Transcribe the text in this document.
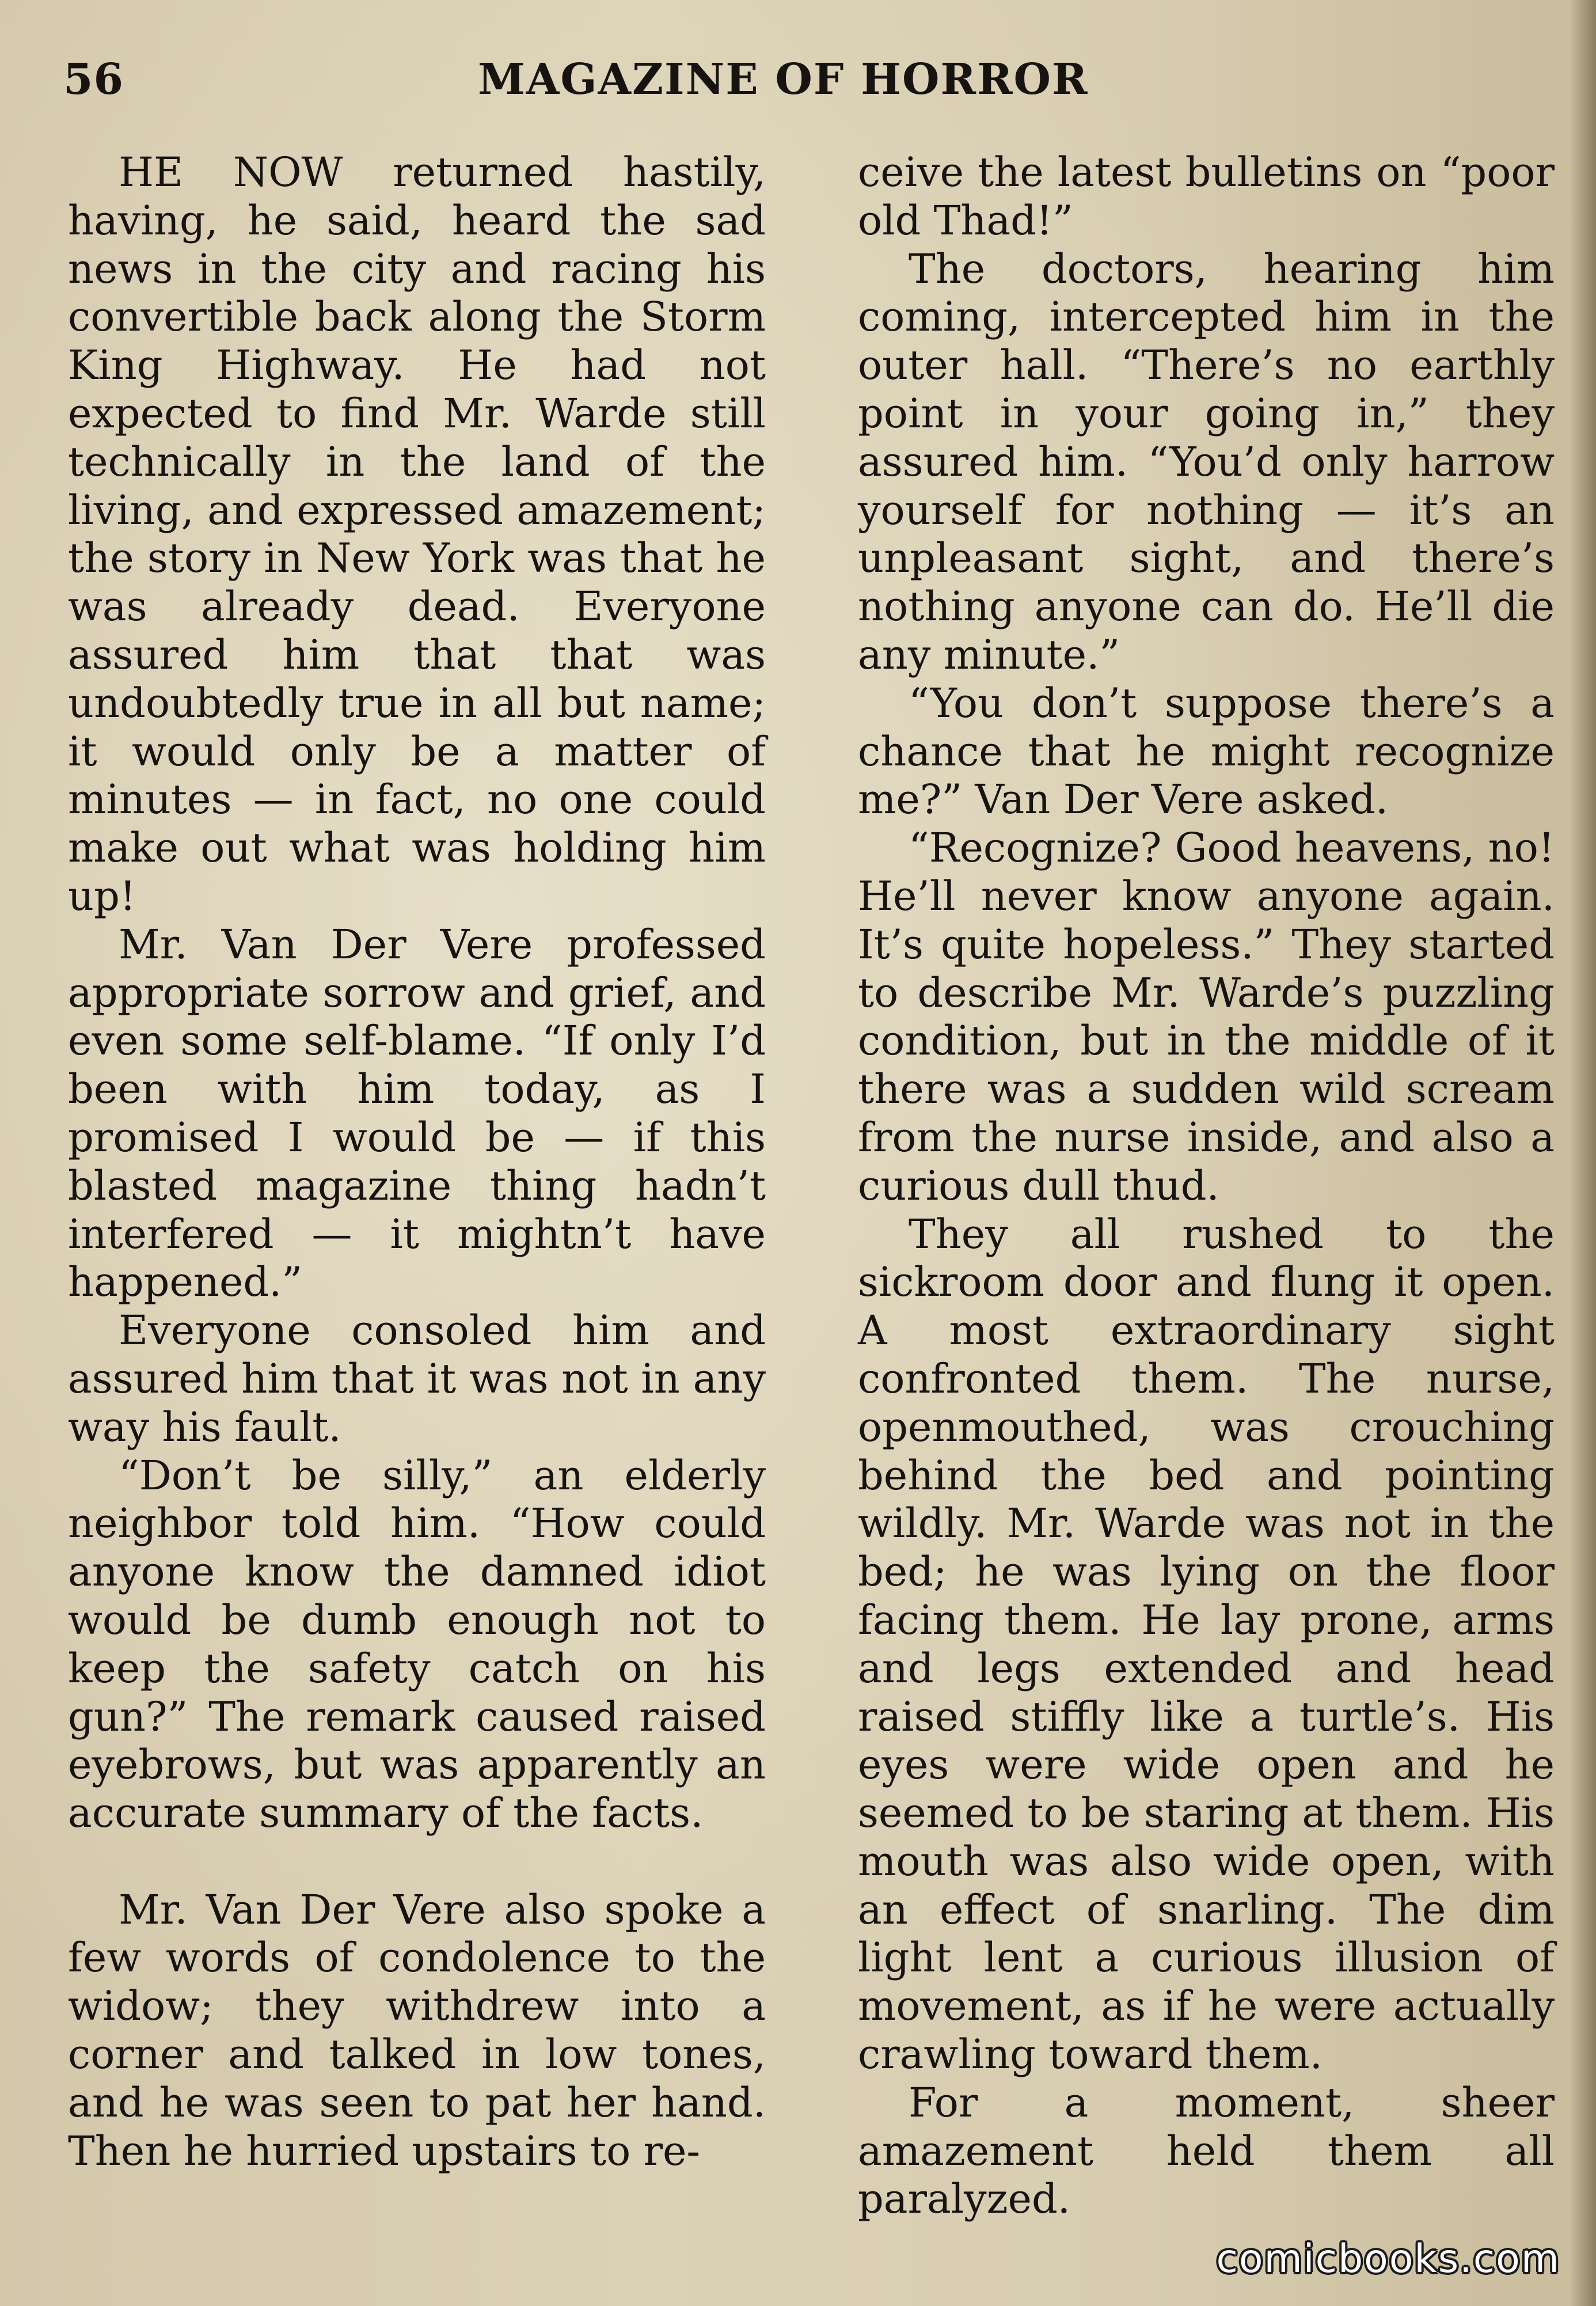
56	MAGAZINE OF HORROR

HE NOW returned hastily, having, he said, heard the sad news in the city and racing his convertible back along the Storm King Highway. He had not expected to find Mr. Warde still technically in the land of the living, and expressed amazement; the story in New York was that he was already dead. Everyone assured him that that was undoubtedly true in all but name; it would only be a matter of minutes — in fact, no one could make out what was holding him up!

Mr. Van Der Vere professed appropriate sorrow and grief, and even some self-blame. “If only I’d been with him today, as I promised I would be — if this blasted magazine thing hadn’t interfered — it mightn’t have happened.”

Everyone consoled him and assured him that it was not in any way his fault.

“Don’t be silly,” an elderly neighbor told him. “How could anyone know the damned idiot would be dumb enough not to keep the safety catch on his gun?” The remark caused raised eyebrows, but was apparently an accurate summary of the facts.

Mr. Van Der Vere also spoke a few words of condolence to the widow; they withdrew into a corner and talked in low tones, and he was seen to pat her hand. Then he hurried upstairs to re-

ceive the latest bulletins on “poor old Thad!”

The doctors, hearing him coming, intercepted him in the outer hall. “There’s no earthly point in your going in,” they assured him. “You’d only harrow yourself for nothing — it’s an unpleasant sight, and there’s nothing anyone can do. He’ll die any minute.”

“You don’t suppose there’s a chance that he might recognize me?” Van Der Vere asked.

“Recognize? Good heavens, no! He’ll never know anyone again. It’s quite hopeless.” They started to describe Mr. Warde’s puzzling condition, but in the middle of it there was a sudden wild scream from the nurse inside, and also a curious dull thud.

They all rushed to the sickroom door and flung it open. A most extraordinary sight confronted them. The nurse, openmouthed, was crouching behind the bed and pointing wildly. Mr. Warde was not in the bed; he was lying on the floor facing them. He lay prone, arms and legs extended and head raised stiffly like a turtle’s. His eyes were wide open and he seemed to be staring at them. His mouth was also wide open, with an effect of snarling. The dim light lent a curious illusion of movement, as if he were actually crawling toward them.

For a moment, sheer amazement held them all paralyzed.

comicbooks.com
